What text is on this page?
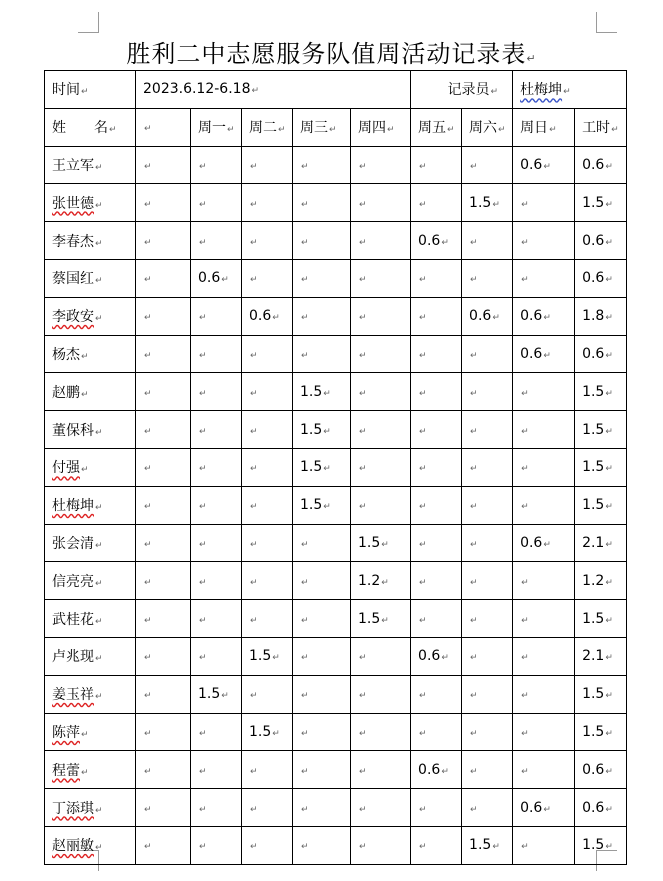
胜利二中志愿服务队值周活动记录表↵
时间↵	2023.6.12-6.18↵					记录员↵		杜梅坤↵	
姓　　名↵	↵	周一↵	周二↵	周三↵	周四↵	周五↵	周六↵	周日↵	工时↵
王立军↵	↵	↵	↵	↵	↵	↵	↵	0.6↵	0.6↵
张世德↵	↵	↵	↵	↵	↵	↵	1.5↵	↵	1.5↵
李春杰↵	↵	↵	↵	↵	↵	0.6↵	↵	↵	0.6↵
蔡国红↵	↵	0.6↵	↵	↵	↵	↵	↵	↵	0.6↵
李政安↵	↵	↵	0.6↵	↵	↵	↵	0.6↵	0.6↵	1.8↵
杨杰↵	↵	↵	↵	↵	↵	↵	↵	0.6↵	0.6↵
赵鹏↵	↵	↵	↵	1.5↵	↵	↵	↵	↵	1.5↵
董保科↵	↵	↵	↵	1.5↵	↵	↵	↵	↵	1.5↵
付强↵	↵	↵	↵	1.5↵	↵	↵	↵	↵	1.5↵
杜梅坤↵	↵	↵	↵	1.5↵	↵	↵	↵	↵	1.5↵
张会清↵	↵	↵	↵	↵	1.5↵	↵	↵	0.6↵	2.1↵
信亮亮↵	↵	↵	↵	↵	1.2↵	↵	↵	↵	1.2↵
武桂花↵	↵	↵	↵	↵	1.5↵	↵	↵	↵	1.5↵
卢兆现↵	↵	↵	1.5↵	↵	↵	0.6↵	↵	↵	2.1↵
姜玉祥↵	↵	1.5↵	↵	↵	↵	↵	↵	↵	1.5↵
陈萍↵	↵	↵	1.5↵	↵	↵	↵	↵	↵	1.5↵
程蕾↵	↵	↵	↵	↵	↵	0.6↵	↵	↵	0.6↵
丁添琪↵	↵	↵	↵	↵	↵	↵	↵	0.6↵	0.6↵
赵丽敏↵	↵	↵	↵	↵	↵	↵	1.5↵	↵	1.5↵
